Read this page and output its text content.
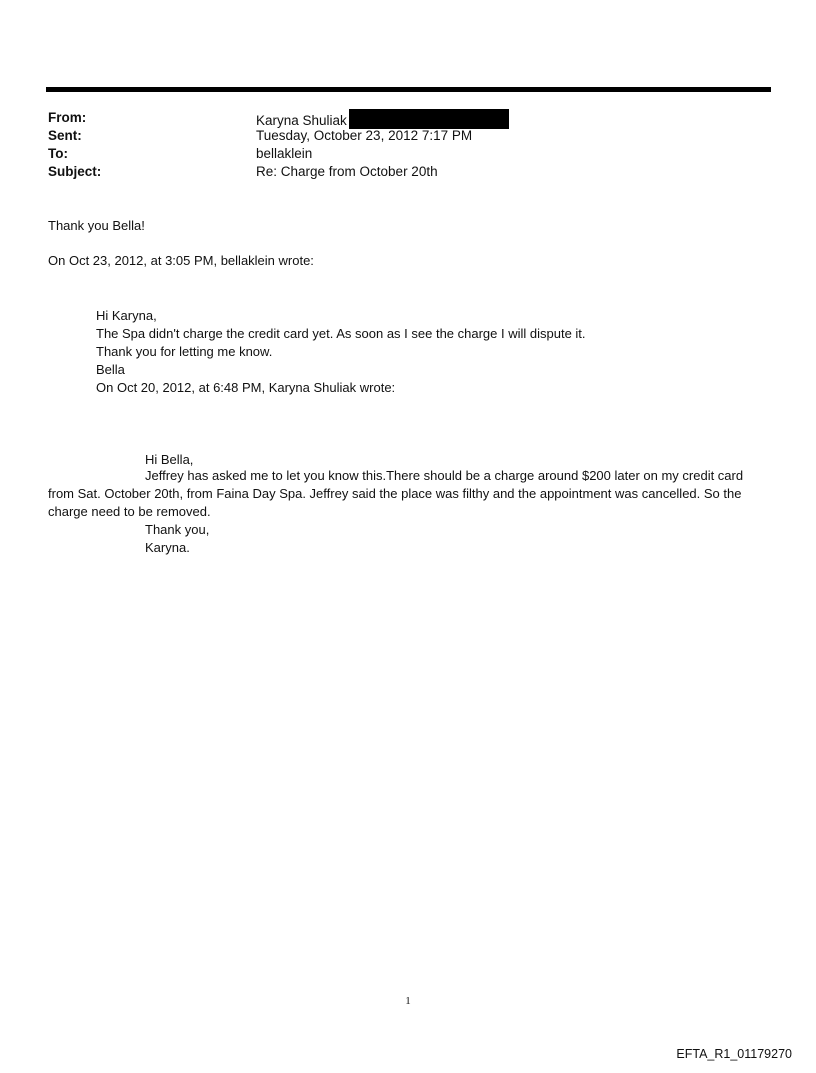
From:
Sent:
To:
Subject:
Karyna Shuliak
Tuesday, October 23, 2012 7:17 PM
bellaklein
Re: Charge from October 20th
Thank you Bella!
On Oct 23, 2012, at 3:05 PM, bellaklein wrote:
Hi Karyna,
The Spa didn't charge the credit card yet. As soon as I see the charge I will dispute it.
Thank you for letting me know.
Bella
On Oct 20, 2012, at 6:48 PM, Karyna Shuliak wrote:
Hi Bella,
Jeffrey has asked me to let you know this.There should be a charge around $200 later on my credit card
from Sat. October 20th, from Faina Day Spa. Jeffrey said the place was filthy and the appointment was cancelled. So the
charge need to be removed.
Thank you,
Karyna.
1
EFTA_R1_01179270
